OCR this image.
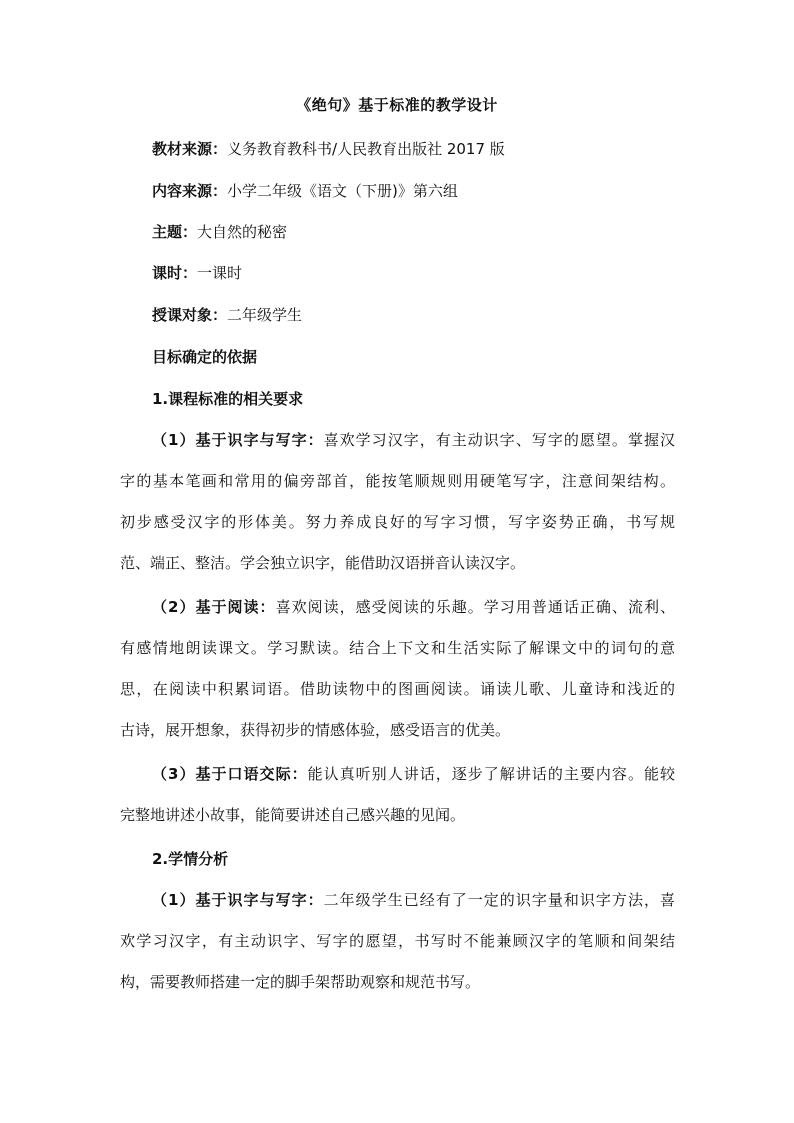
《绝句》基于标准的教学设计
教材来源：义务教育教科书/人民教育出版社 2017 版
内容来源：小学二年级《语文（下册)》第六组
主题：大自然的秘密
课时：一课时
授课对象：二年级学生
目标确定的依据
1.课程标准的相关要求
（1）基于识字与写字：喜欢学习汉字，有主动识字、写字的愿望。掌握汉
字的基本笔画和常用的偏旁部首，能按笔顺规则用硬笔写字，注意间架结构。
初步感受汉字的形体美。努力养成良好的写字习惯，写字姿势正确，书写规
范、端正、整洁。学会独立识字，能借助汉语拼音认读汉字。
（2）基于阅读：喜欢阅读，感受阅读的乐趣。学习用普通话正确、流利、
有感情地朗读课文。学习默读。结合上下文和生活实际了解课文中的词句的意
思，在阅读中积累词语。借助读物中的图画阅读。诵读儿歌、儿童诗和浅近的
古诗，展开想象，获得初步的情感体验，感受语言的优美。
（3）基于口语交际：能认真听别人讲话，逐步了解讲话的主要内容。能较
完整地讲述小故事，能简要讲述自己感兴趣的见闻。
2.学情分析
（1）基于识字与写字：二年级学生已经有了一定的识字量和识字方法，喜
欢学习汉字，有主动识字、写字的愿望，书写时不能兼顾汉字的笔顺和间架结
构，需要教师搭建一定的脚手架帮助观察和规范书写。
